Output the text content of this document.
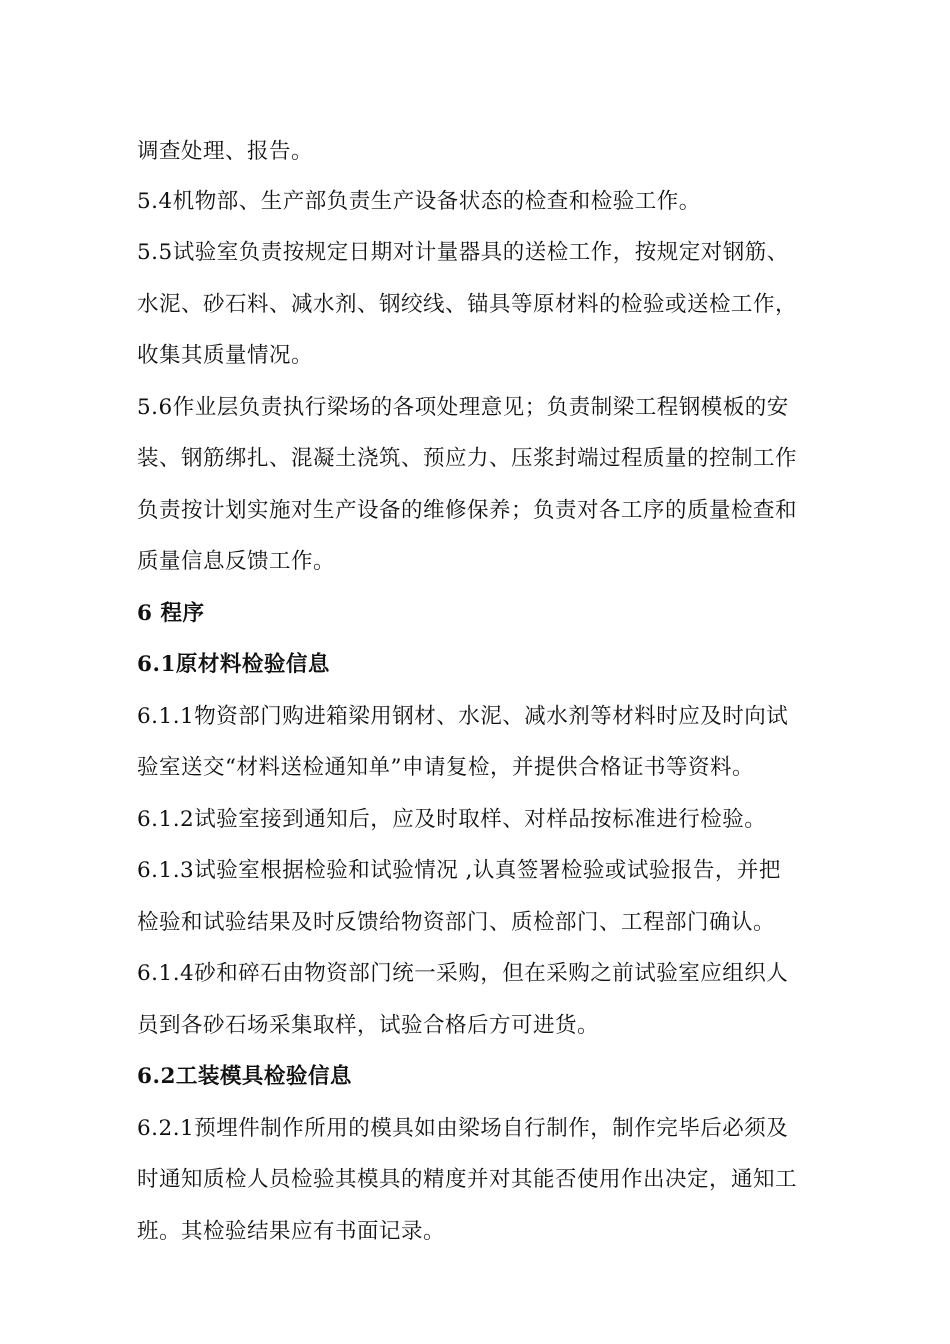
调查处理、报告。
5.4机物部、生产部负责生产设备状态的检查和检验工作。
5.5试验室负责按规定日期对计量器具的送检工作，按规定对钢筋、
水泥、砂石料、减水剂、钢绞线、锚具等原材料的检验或送检工作，
收集其质量情况。
5.6作业层负责执行梁场的各项处理意见；负责制梁工程钢模板的安
装、钢筋绑扎、混凝土浇筑、预应力、压浆封端过程质量的控制工作
负责按计划实施对生产设备的维修保养；负责对各工序的质量检查和
质量信息反馈工作。
6 程序
6.1原材料检验信息
6.1.1物资部门购进箱梁用钢材、水泥、减水剂等材料时应及时向试
验室送交“材料送检通知单”申请复检，并提供合格证书等资料。
6.1.2试验室接到通知后，应及时取样、对样品按标准进行检验。
6.1.3试验室根据检验和试验情况 ,认真签署检验或试验报告，并把
检验和试验结果及时反馈给物资部门、质检部门、工程部门确认。
6.1.4砂和碎石由物资部门统一采购，但在采购之前试验室应组织人
员到各砂石场采集取样，试验合格后方可进货。
6.2工装模具检验信息
6.2.1预埋件制作所用的模具如由梁场自行制作，制作完毕后必须及
时通知质检人员检验其模具的精度并对其能否使用作出决定，通知工
班。其检验结果应有书面记录。
